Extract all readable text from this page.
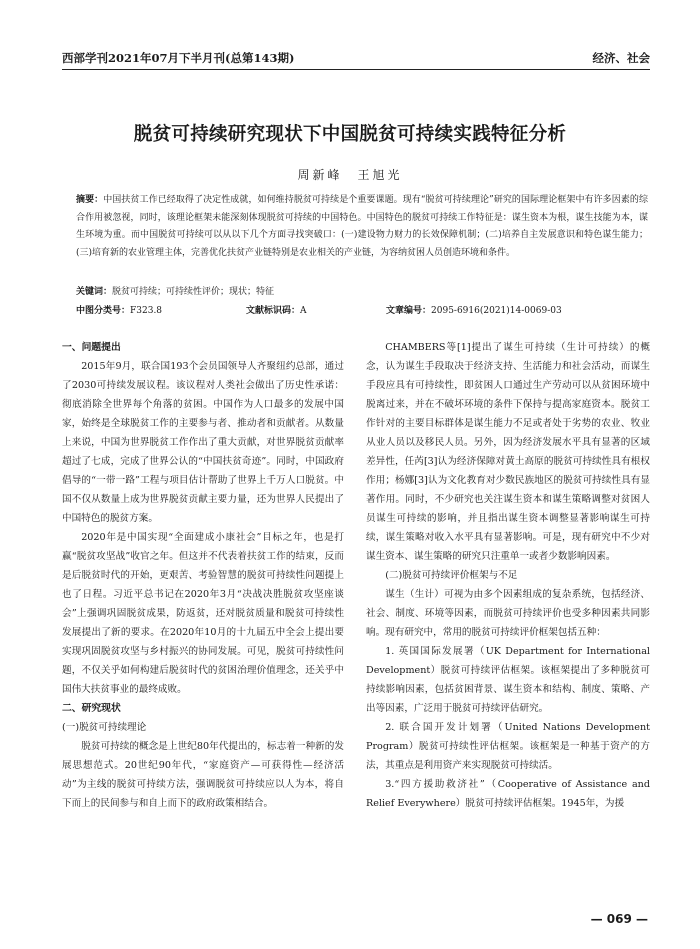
西部学刊2021年07月下半月刊(总第143期)	经济、社会
脱贫可持续研究现状下中国脱贫可持续实践特征分析
周新峰　王旭光
摘要：中国扶贫工作已经取得了决定性成就，如何维持脱贫可持续是个重要课题。现有“脱贫可持续理论”研究的国际理论框架中有许多因素的综合作用被忽视，同时，该理论框架未能深刻体现脱贫可持续的中国特色。中国特色的脱贫可持续工作特征是：谋生资本为根，谋生技能为本，谋生环境为重。而中国脱贫可持续可以从以下几个方面寻找突破口：(一)建设物力财力的长效保障机制；(二)培养自主发展意识和特色谋生能力；(三)培育新的农业管理主体，完善优化扶贫产业链特别是农业相关的产业链，为容纳贫困人员创造环境和条件。
关键词：脱贫可持续；可持续性评价；现状；特征
中图分类号：F323.8	文献标识码：A	文章编号：2095-6916(2021)14-0069-03

一、问题提出

2015年9月，联合国193个会员国领导人齐聚纽约总部，通过了2030可持续发展议程。该议程对人类社会做出了历史性承诺：彻底消除全世界每个角落的贫困。中国作为人口最多的发展中国家，始终是全球脱贫工作的主要参与者、推动者和贡献者。从数量上来说，中国为世界脱贫工作作出了重大贡献，对世界脱贫贡献率超过了七成，完成了世界公认的“中国扶贫奇迹”。同时，中国政府倡导的“一带一路”工程与项目估计帮助了世界上千万人口脱贫。中国不仅从数量上成为世界脱贫贡献主要力量，还为世界人民提出了中国特色的脱贫方案。

2020年是中国实现“全面建成小康社会”目标之年，也是打赢“脱贫攻坚战”收官之年。但这并不代表着扶贫工作的结束，反而是后脱贫时代的开始，更艰苦、考验智慧的脱贫可持续性问题提上也了日程。习近平总书记在2020年3月“决战决胜脱贫攻坚座谈会”上强调巩固脱贫成果，防返贫，还对脱贫质量和脱贫可持续性发展提出了新的要求。在2020年10月的十九届五中全会上提出要实现巩固脱贫攻坚与乡村振兴的协同发展。可见，脱贫可持续性问题，不仅关乎如何构建后脱贫时代的贫困治理价值理念，还关乎中国伟大扶贫事业的最终成败。

二、研究现状

(一)脱贫可持续理论

脱贫可持续的概念是上世纪80年代提出的，标志着一种新的发展思想范式。20世纪90年代，“家庭资产—可获得性—经济活动”为主线的脱贫可持续方法，强调脱贫可持续应以人为本，将自下而上的民间参与和自上而下的政府政策相结合。

CHAMBERS等[1]提出了谋生可持续（生计可持续）的概念，认为谋生手段取决于经济支持、生活能力和社会活动，而谋生手段应具有可持续性，即贫困人口通过生产劳动可以从贫困环境中脱离过来，并在不破坏环境的条件下保持与提高家庭资本。脱贫工作针对的主要目标群体是谋生能力不足或者处于劣势的农业、牧业从业人员以及移民人员。另外，因为经济发展水平具有显著的区域差异性，任芮[3]认为经济保障对黄土高原的脱贫可持续性具有根权作用；杨娜[3]认为文化教育对少数民族地区的脱贫可持续性具有显著作用。同时，不少研究也关注谋生资本和谋生策略调整对贫困人员谋生可持续的影响，并且指出谋生资本调整显著影响谋生可持续，谋生策略对收入水平具有显著影响。可是，现有研究中不少对谋生资本、谋生策略的研究只注重单一或者少数影响因素。

(二)脱贫可持续评价框架与不足

谋生（生计）可视为由多个因素组成的复杂系统，包括经济、社会、制度、环境等因素，而脱贫可持续评价也受多种因素共同影响。现有研究中，常用的脱贫可持续评价框架包括五种：

1. 英国国际发展署（UK Department for International Development）脱贫可持续评估框架。该框架提出了多种脱贫可持续影响因素，包括贫困背景、谋生资本和结构、制度、策略、产出等因素，广泛用于脱贫可持续评估研究。

2. 联合国开发计划署（United Nations Development Program）脱贫可持续性评估框架。该框架是一种基于资产的方法，其重点是利用资产来实现脱贫可持续活。

3.“四方援助救济社”（Cooperative of Assistance and Relief Everywhere）脱贫可持续评估框架。1945年，为援

— 069 —
